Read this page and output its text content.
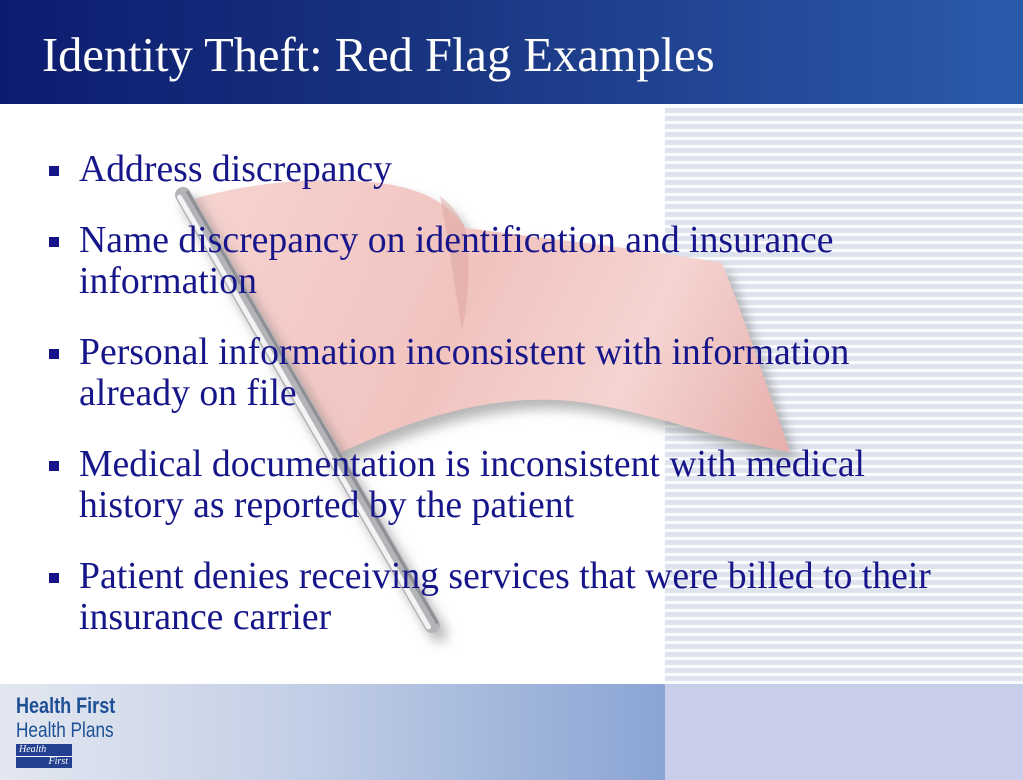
Identity Theft: Red Flag Examples
Address discrepancy
Name discrepancy on identification and insurance
information
Personal information inconsistent with information
already on file
Medical documentation is inconsistent with medical
history as reported by the patient
Patient denies receiving services that were billed to their
insurance carrier
Health First
Health Plans
Health
First
